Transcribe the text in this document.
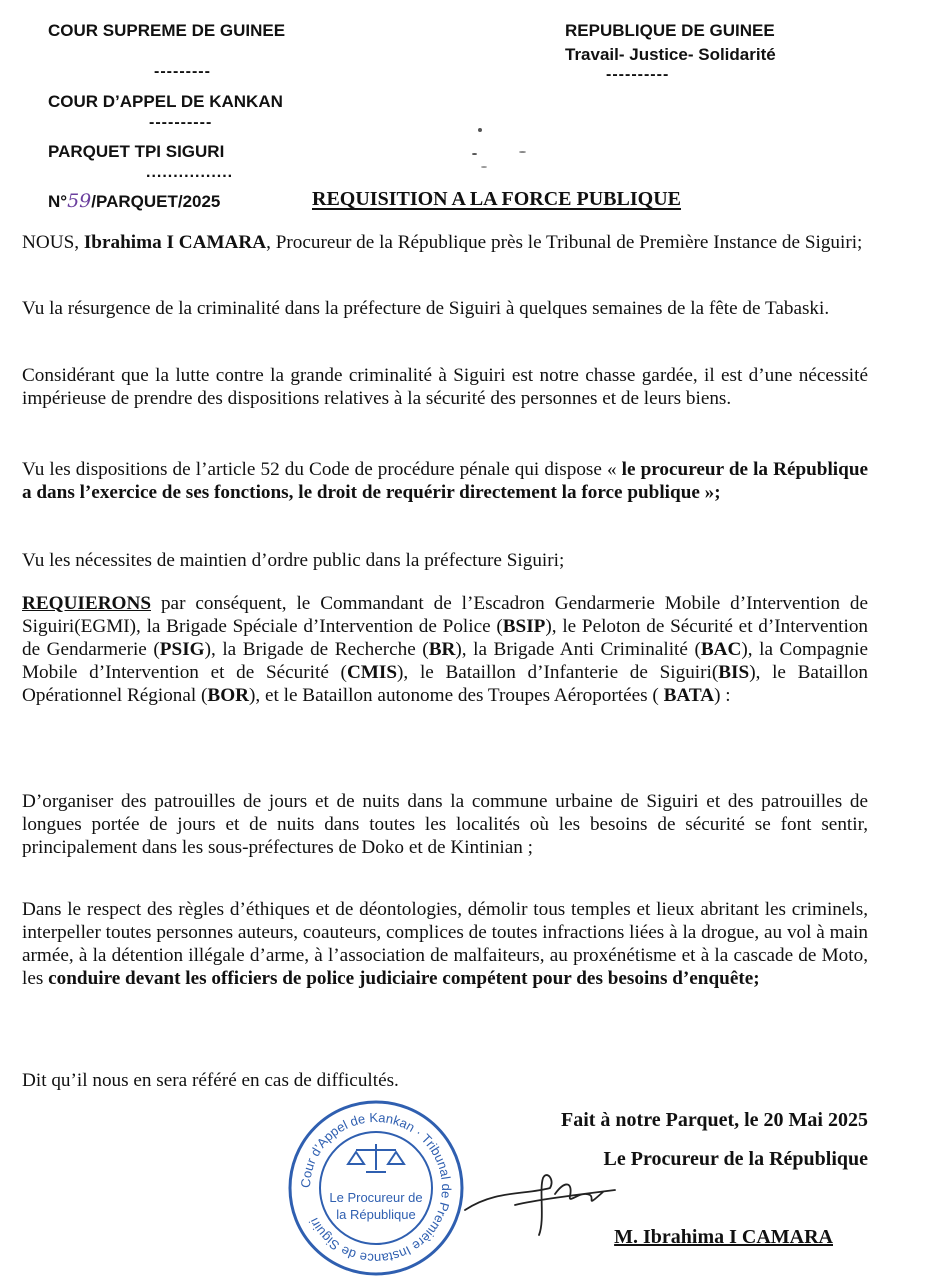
COUR SUPREME DE GUINEE
---------
COUR D’APPEL DE KANKAN
----------
PARQUET TPI SIGURI
................
REPUBLIQUE DE GUINEE
Travail- Justice- Solidarité
----------
N°59/PARQUET/2025	REQUISITION A LA FORCE PUBLIQUE

NOUS, Ibrahima I CAMARA, Procureur de la République près le Tribunal de Première Instance de Siguiri;

Vu la résurgence de la criminalité dans la préfecture de Siguiri à quelques semaines de la fête de Tabaski.

Considérant que la lutte contre la grande criminalité à Siguiri est notre chasse gardée, il est d’une nécessité impérieuse de prendre des dispositions relatives à la sécurité des personnes et de leurs biens.

Vu les dispositions de l’article 52 du Code de procédure pénale qui dispose « le procureur de la République a dans l’exercice de ses fonctions, le droit de requérir directement la force publique »;

Vu les nécessites de maintien d’ordre public dans la préfecture Siguiri;

REQUIERONS par conséquent, le Commandant de l’Escadron Gendarmerie Mobile d’Intervention de Siguiri(EGMI), la Brigade Spéciale d’Intervention de Police (BSIP), le Peloton de Sécurité et d’Intervention de Gendarmerie (PSIG), la Brigade de Recherche (BR), la Brigade Anti Criminalité (BAC), la Compagnie Mobile d’Intervention et de Sécurité (CMIS), le Bataillon d’Infanterie de Siguiri(BIS), le Bataillon Opérationnel Régional (BOR), et le Bataillon autonome des Troupes Aéroportées ( BATA) :

D’organiser des patrouilles de jours et de nuits dans la commune urbaine de Siguiri et des patrouilles de longues portée de jours et de nuits dans toutes les localités où les besoins de sécurité se font sentir, principalement dans les sous-préfectures de Doko et de Kintinian ;

Dans le respect des règles d’éthiques et de déontologies, démolir tous temples et lieux abritant les criminels, interpeller toutes personnes auteurs, coauteurs, complices de toutes infractions liées à la drogue, au vol à main armée, à la détention illégale d’arme, à l’association de malfaiteurs, au proxénétisme et à la cascade de Moto, les conduire devant les officiers de police judiciaire compétent pour des besoins d’enquête;

Dit qu’il nous en sera référé en cas de difficultés.

Fait à notre Parquet, le 20 Mai 2025
Le Procureur de la République
M. Ibrahima I CAMARA
Cour d’Appel de Kankan · Tribunal de Première Instance de Siguiri
Le Procureur de
la République
